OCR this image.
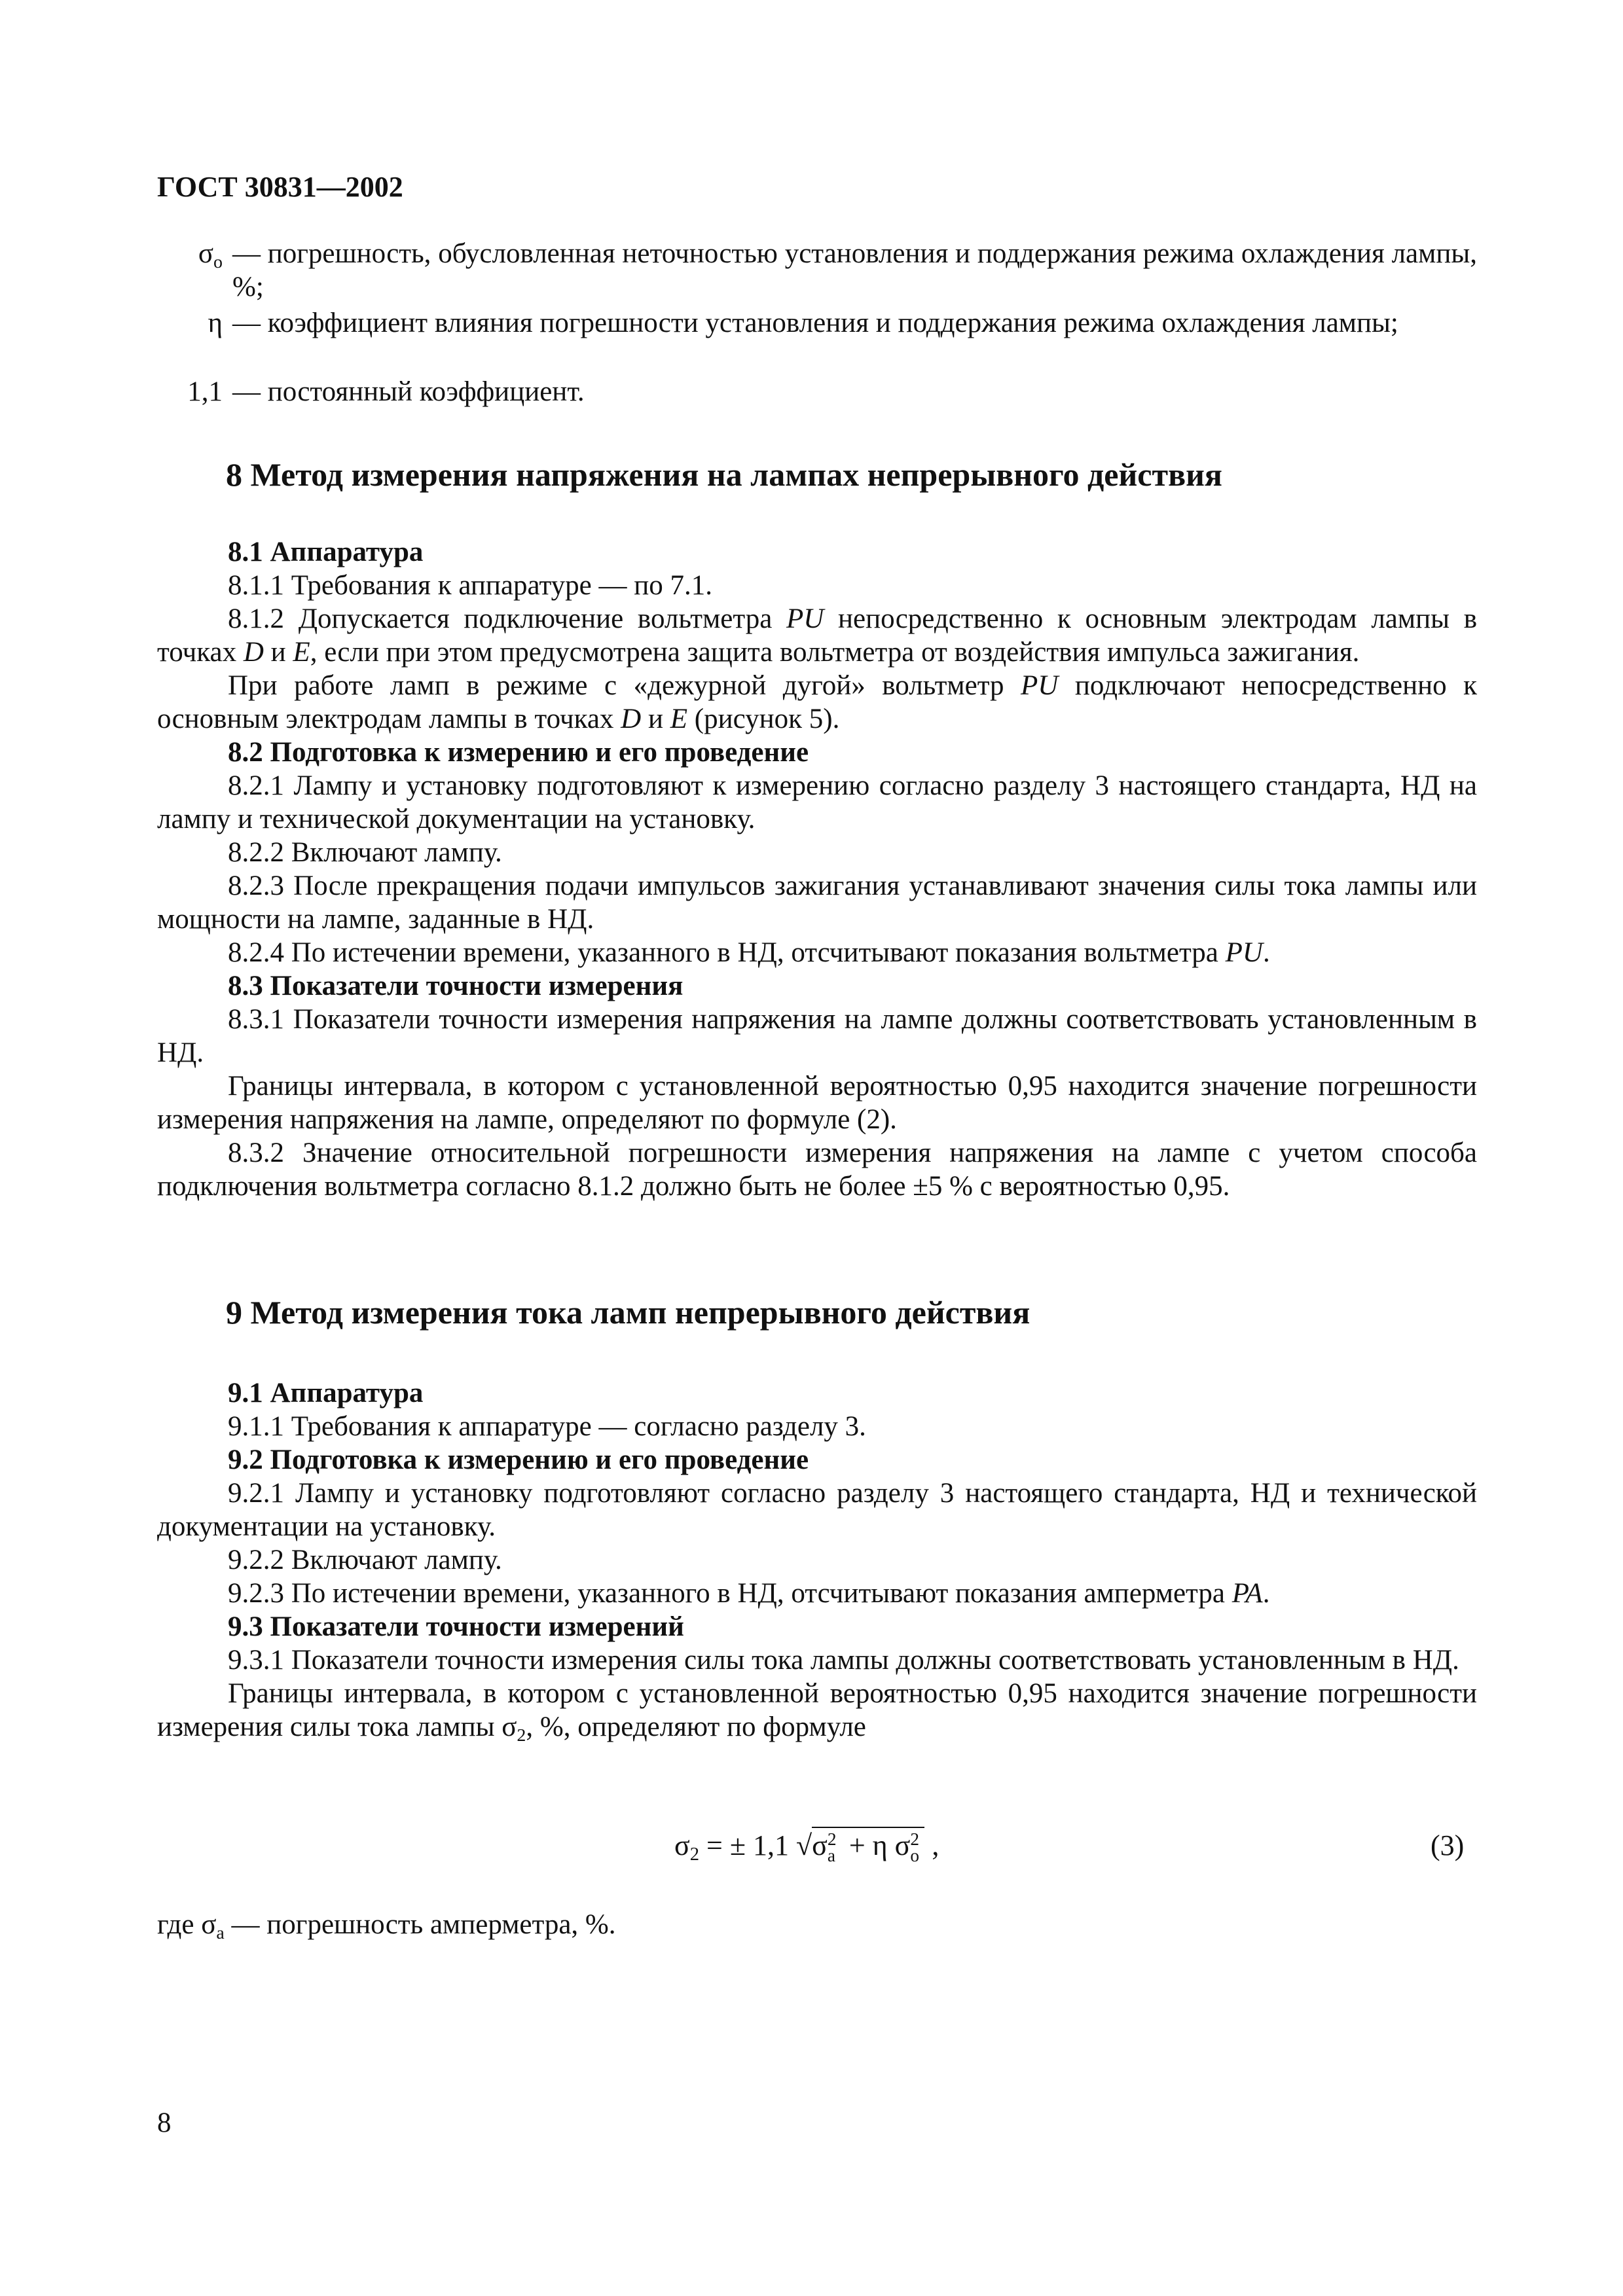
ГОСТ 30831—2002
$\sigma_о$ — погрешность, обусловленная неточностью установления и поддержания режима охлаждения лампы, %;
η — коэффициент влияния погрешности установления и поддержания режима охлаждения лампы;
1,1 — постоянный коэффициент.
8 Метод измерения напряжения на лампах непрерывного действия

8.1 Аппаратура

8.1.1 Требования к аппаратуре — по 7.1.

8.1.2 Допускается подключение вольтметра PU непосредственно к основным электродам лампы в точках D и E, если при этом предусмотрена защита вольтметра от воздействия импульса зажигания.

При работе ламп в режиме с «дежурной дугой» вольтметр PU подключают непосредственно к основным электродам лампы в точках D и E (рисунок 5).

8.2 Подготовка к измерению и его проведение

8.2.1 Лампу и установку подготовляют к измерению согласно разделу 3 настоящего стандарта, НД на лампу и технической документации на установку.

8.2.2 Включают лампу.

8.2.3 После прекращения подачи импульсов зажигания устанавливают значения силы тока лампы или мощности на лампе, заданные в НД.

8.2.4 По истечении времени, указанного в НД, отсчитывают показания вольтметра PU.

8.3 Показатели точности измерения

8.3.1 Показатели точности измерения напряжения на лампе должны соответствовать установленным в НД.

Границы интервала, в котором с установленной вероятностью 0,95 находится значение погрешности измерения напряжения на лампе, определяют по формуле (2).

8.3.2 Значение относительной погрешности измерения напряжения на лампе с учетом способа подключения вольтметра согласно 8.1.2 должно быть не более ±5 % с вероятностью 0,95.

9 Метод измерения тока ламп непрерывного действия

9.1 Аппаратура

9.1.1 Требования к аппаратуре — согласно разделу 3.

9.2 Подготовка к измерению и его проведение

9.2.1 Лампу и установку подготовляют согласно разделу 3 настоящего стандарта, НД и технической документации на установку.

9.2.2 Включают лампу.

9.2.3 По истечении времени, указанного в НД, отсчитывают показания амперметра PA.

9.3 Показатели точности измерений

9.3.1 Показатели точности измерения силы тока лампы должны соответствовать установленным в НД.

Границы интервала, в котором с установленной вероятностью 0,95 находится значение погрешности измерения силы тока лампы $\sigma_2$, %, определяют по формуле

$\sigma_2$ = ± 1,1 √σ 2
a + η σ 2
о ,	(3)
где $\sigma_a$ — погрешность амперметра, %.
8
